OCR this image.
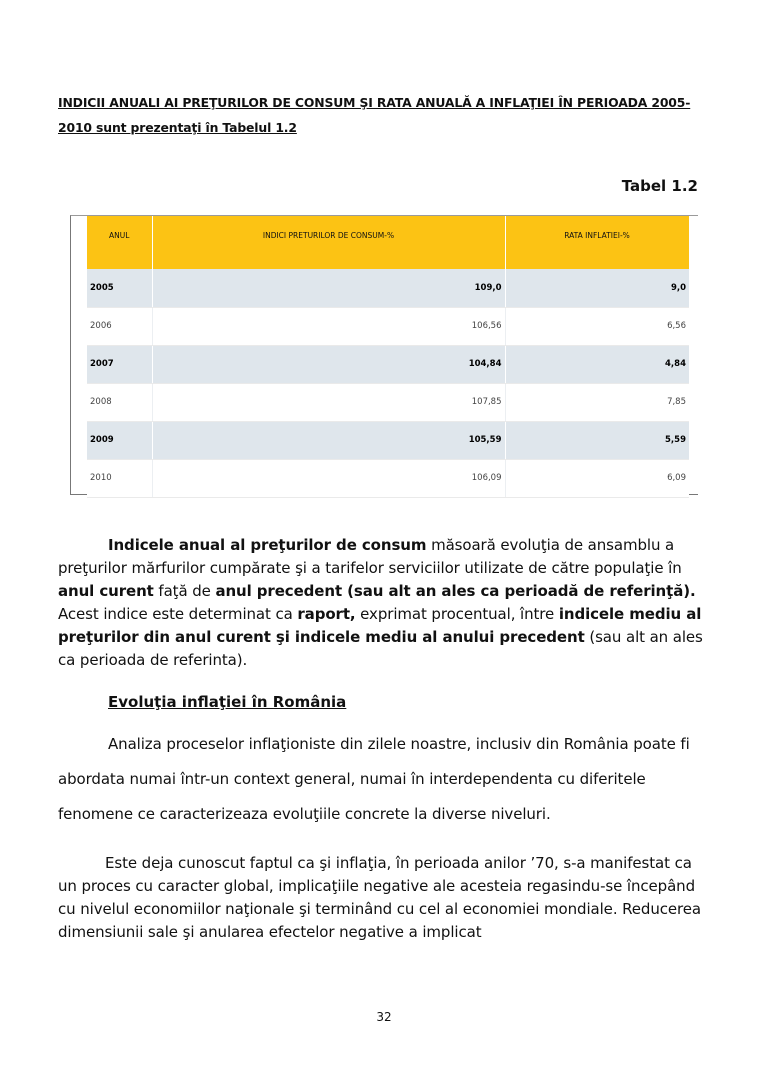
INDICII ANUALI AI PREŢURILOR DE CONSUM ŞI RATA ANUALĂ A INFLAŢIEI ÎN PERIOADA 2005-2010 sunt prezentaţi în Tabelul 1.2
Tabel 1.2
ANUL	INDICI PRETURILOR DE CONSUM-%	RATA INFLATIEI-%
2005	109,0	9,0
2006	106,56	6,56
2007	104,84	4,84
2008	107,85	7,85
2009	105,59	5,59
2010	106,09	6,09
Indicele anual al preţurilor de consum măsoară evoluţia de ansamblu a preţurilor mărfurilor cumpărate şi a tarifelor serviciilor utilizate de către populaţie în anul curent faţă de anul precedent (sau alt an ales ca perioadă de referinţă). Acest indice este determinat ca raport, exprimat procentual, între indicele mediu al preţurilor din anul curent şi indicele mediu al anului precedent (sau alt an ales ca perioada de referinta).
Evoluţia inflaţiei în România
Analiza proceselor inflaţioniste din zilele noastre, inclusiv din România poate fi abordata numai într-un context general, numai în interdependenta cu diferitele fenomene ce caracterizeaza evoluţiile concrete la diverse niveluri.
Este deja cunoscut faptul ca şi inflaţia, în perioada anilor ’70, s-a manifestat ca un proces cu caracter global, implicaţiile negative ale acesteia regasindu-se începând cu nivelul economiilor naţionale şi terminând cu cel al economiei mondiale. Reducerea dimensiunii sale şi anularea efectelor negative a implicat
32
